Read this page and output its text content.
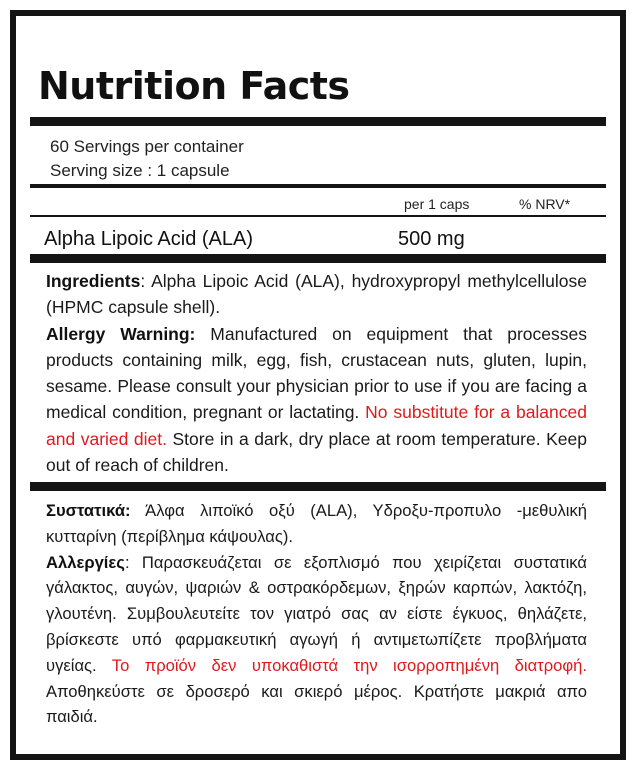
Nutrition Facts
60 Servings per container
Serving size : 1 capsule
per 1 caps	% NRV*
Alpha Lipoic Acid (ALA)	500 mg

Ingredients: Alpha Lipoic Acid (ALA), hydroxypropyl methylcellulose (HPMC capsule shell).
Allergy Warning: Manufactured on equipment that processes products containing milk, egg, fish, crustacean nuts, gluten, lupin, sesame. Please consult your physician prior to use if you are facing a medical condition, pregnant or lactating. No substitute for a balanced and varied diet. Store in a dark, dry place at room temperature. Keep out of reach of children.

Συστατικά: Άλφα λιποϊκό οξύ (ALA), Υδροξυ-προπυλο -μεθυλική κυτταρίνη (περίβλημα κάψουλας).
Αλλεργίες: Παρασκευάζεται σε εξοπλισμό που χειρίζεται συστατικά γάλακτος, αυγών, ψαριών & οστρακόρδεμων, ξηρών καρπών, λακτόζη, γλουτένη. Συμβουλευτείτε τον γιατρό σας αν είστε έγκυος, θηλάζετε, βρίσκεστε υπό φαρμακευτική αγωγή ή αντιμετωπίζετε προβλήματα υγείας. Το προϊόν δεν υποκαθιστά την ισορροπημένη διατροφή. Αποθηκεύστε σε δροσερό και σκιερό μέρος. Κρατήστε μακριά απο παιδιά.
